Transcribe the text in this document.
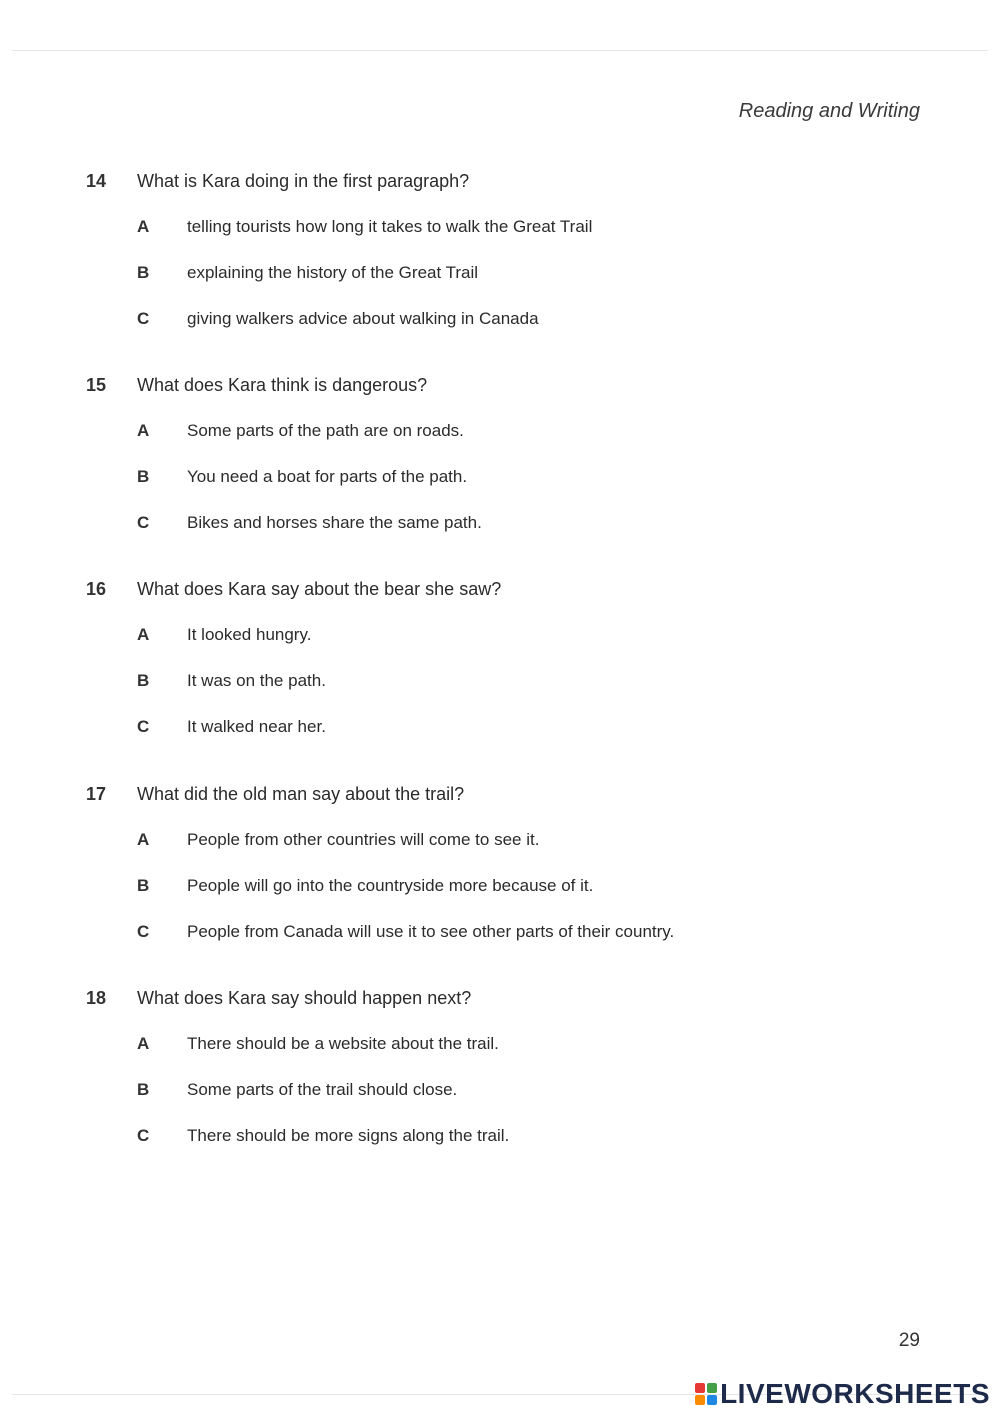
Reading and Writing
14 What is Kara doing in the first paragraph?
A telling tourists how long it takes to walk the Great Trail
B explaining the history of the Great Trail
C giving walkers advice about walking in Canada
15 What does Kara think is dangerous?
A Some parts of the path are on roads.
B You need a boat for parts of the path.
C Bikes and horses share the same path.
16 What does Kara say about the bear she saw?
A It looked hungry.
B It was on the path.
C It walked near her.
17 What did the old man say about the trail?
A People from other countries will come to see it.
B People will go into the countryside more because of it.
C People from Canada will use it to see other parts of their country.
18 What does Kara say should happen next?
A There should be a website about the trail.
B Some parts of the trail should close.
C There should be more signs along the trail.
29
LIVEWORKSHEETS
